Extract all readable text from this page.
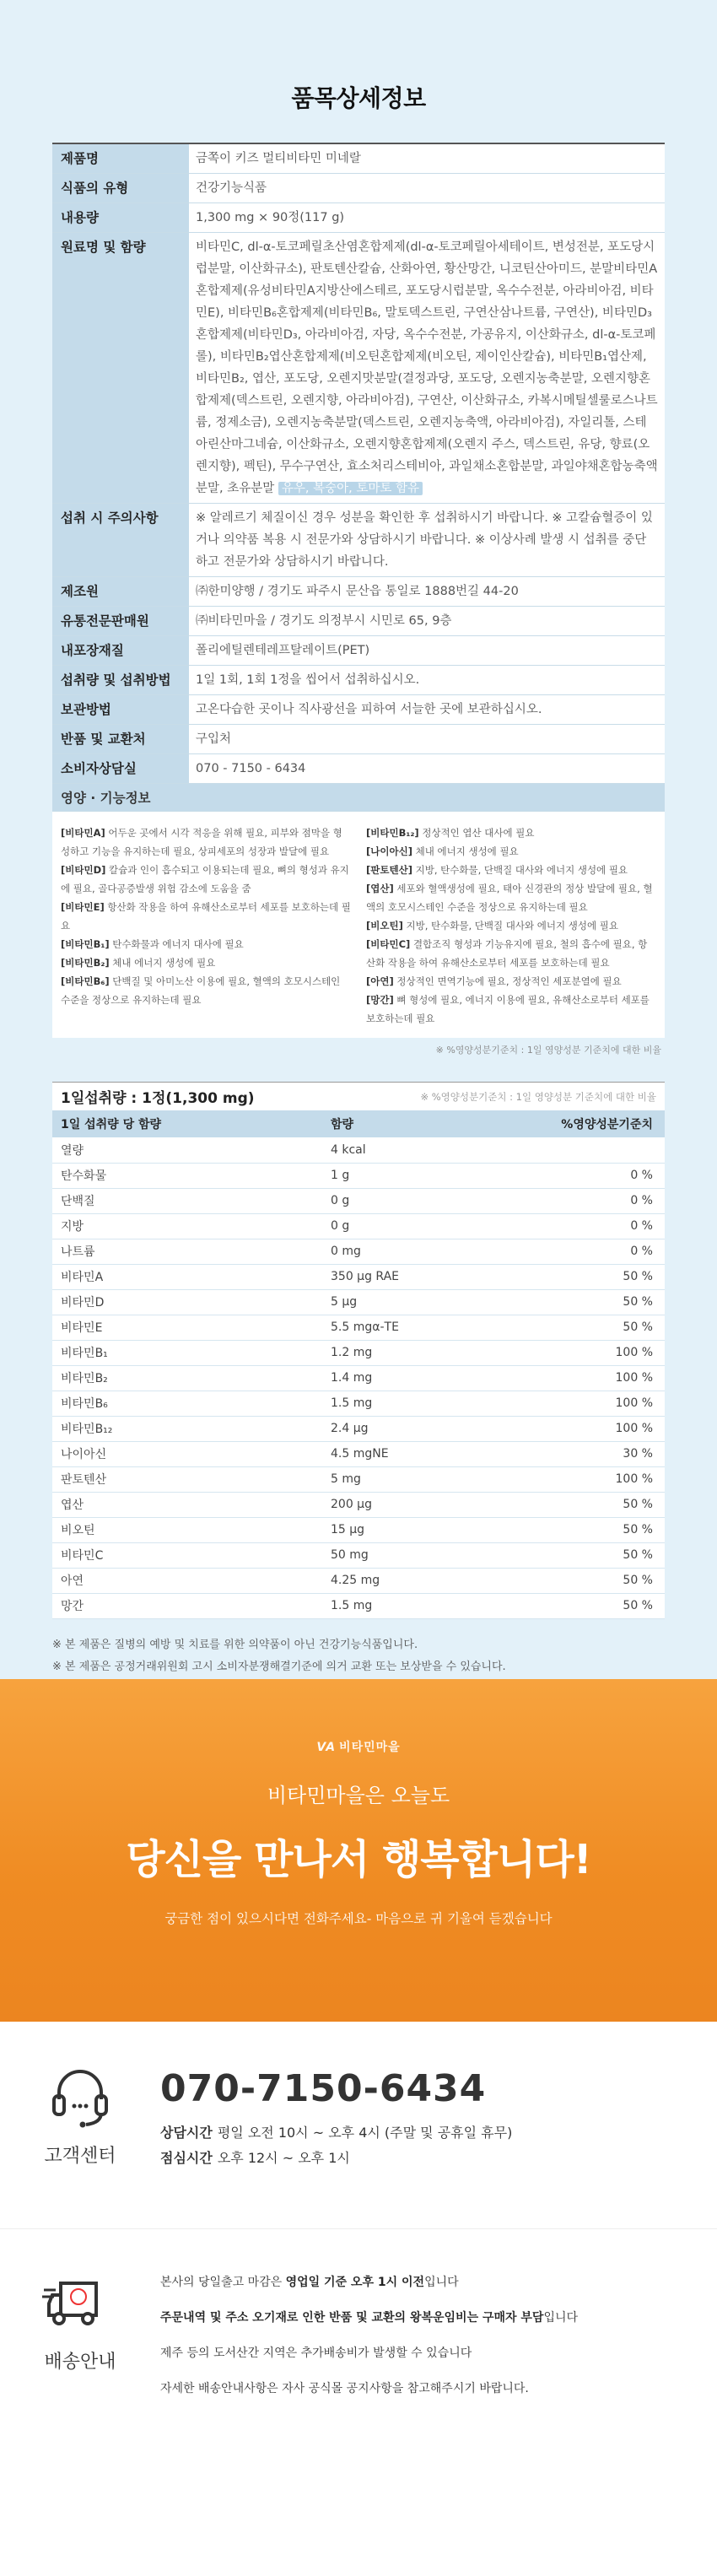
품목상세정보
제품명	금쪽이 키즈 멀티비타민 미네랄
식품의 유형	건강기능식품
내용량	1,300 mg × 90정(117 g)
원료명 및 함량	비타민C, dl-α-토코페릴초산염혼합제제(dl-α-토코페릴아세테이트, 변성전분, 포도당시럽분말, 이산화규소), 판토텐산칼슘, 산화아연, 황산망간, 니코틴산아미드, 분말비타민A혼합제제(유성비타민A지방산에스테르, 포도당시럽분말, 옥수수전분, 아라비아검, 비타민E), 비타민B₆혼합제제(비타민B₆, 말토덱스트린, 구연산삼나트륨, 구연산), 비타민D₃혼합제제(비타민D₃, 아라비아검, 자당, 옥수수전분, 가공유지, 이산화규소, dl-α-토코페롤), 비타민B₂엽산혼합제제(비오틴혼합제제(비오틴, 제이인산칼슘), 비타민B₁엽산제, 비타민B₂, 엽산, 포도당, 오렌지맛분말(결정과당, 포도당, 오렌지농축분말, 오렌지향혼합제제(덱스트린, 오렌지향, 아라비아검), 구연산, 이산화규소, 카복시메틸셀룰로스나트륨, 정제소금), 오렌지농축분말(덱스트린, 오렌지농축액, 아라비아검), 자일리톨, 스테아린산마그네슘, 이산화규소, 오렌지향혼합제제(오렌지 주스, 덱스트린, 유당, 향료(오렌지향), 펙틴), 무수구연산, 효소처리스테비아, 과일채소혼합분말, 과일야채혼합농축액분말, 초유분말 유우, 복숭아, 토마토 함유
섭취 시 주의사항	※ 알레르기 체질이신 경우 성분을 확인한 후 섭취하시기 바랍니다. ※ 고칼슘혈증이 있거나 의약품 복용 시 전문가와 상담하시기 바랍니다. ※ 이상사례 발생 시 섭취를 중단하고 전문가와 상담하시기 바랍니다.
제조원	㈜한미양행 / 경기도 파주시 문산읍 통일로 1888번길 44-20
유통전문판매원	㈜비타민마을 / 경기도 의정부시 시민로 65, 9층
내포장재질	폴리에틸렌테레프탈레이트(PET)
섭취량 및 섭취방법	1일 1회, 1회 1정을 씹어서 섭취하십시오.
보관방법	고온다습한 곳이나 직사광선을 피하여 서늘한 곳에 보관하십시오.
반품 및 교환처	구입처
소비자상담실	070 - 7150 - 6434
영양 · 기능정보

[비타민A] 어두운 곳에서 시각 적응을 위해 필요, 피부와 점막을 형성하고 기능을 유지하는데 필요, 상피세포의 성장과 발달에 필요

[비타민D] 칼슘과 인이 흡수되고 이용되는데 필요, 뼈의 형성과 유지에 필요, 골다공증발생 위험 감소에 도움을 줌

[비타민E] 항산화 작용을 하여 유해산소로부터 세포를 보호하는데 필요

[비타민B₁] 탄수화물과 에너지 대사에 필요

[비타민B₂] 체내 에너지 생성에 필요

[비타민B₆] 단백질 및 아미노산 이용에 필요, 혈액의 호모시스테인 수준을 정상으로 유지하는데 필요

[비타민B₁₂] 정상적인 엽산 대사에 필요

[나이아신] 체내 에너지 생성에 필요

[판토텐산] 지방, 탄수화물, 단백질 대사와 에너지 생성에 필요

[엽산] 세포와 혈액생성에 필요, 태아 신경관의 정상 발달에 필요, 혈액의 호모시스테인 수준을 정상으로 유지하는데 필요

[비오틴] 지방, 탄수화물, 단백질 대사와 에너지 생성에 필요

[비타민C] 결합조직 형성과 기능유지에 필요, 철의 흡수에 필요, 항산화 작용을 하여 유해산소로부터 세포를 보호하는데 필요

[아연] 정상적인 면역기능에 필요, 정상적인 세포분열에 필요

[망간] 뼈 형성에 필요, 에너지 이용에 필요, 유해산소로부터 세포를 보호하는데 필요

※ %영양성분기준치 : 1일 영양성분 기준치에 대한 비율
1일섭취량 : 1정(1,300 mg)	※ %영양성분기준치 : 1일 영양성분 기준치에 대한 비율
1일 섭취량 당 함량	함량	%영양성분기준치
열량	4 kcal	
탄수화물	1 g	0 %
단백질	0 g	0 %
지방	0 g	0 %
나트륨	0 mg	0 %
비타민A	350 μg RAE	50 %
비타민D	5 μg	50 %
비타민E	5.5 mgα-TE	50 %
비타민B₁	1.2 mg	100 %
비타민B₂	1.4 mg	100 %
비타민B₆	1.5 mg	100 %
비타민B₁₂	2.4 μg	100 %
나이아신	4.5 mgNE	30 %
판토텐산	5 mg	100 %
엽산	200 μg	50 %
비오틴	15 μg	50 %
비타민C	50 mg	50 %
아연	4.25 mg	50 %
망간	1.5 mg	50 %

※ 본 제품은 질병의 예방 및 치료를 위한 의약품이 아닌 건강기능식품입니다.

※ 본 제품은 공정거래위원회 고시 소비자분쟁해결기준에 의거 교환 또는 보상받을 수 있습니다.

VA 비타민마을
비타민마을은 오늘도
당신을 만나서 행복합니다!
궁금한 점이 있으시다면 전화주세요- 마음으로 귀 기울여 듣겠습니다
고객센터
070-7150-6434
상담시간 평일 오전 10시 ~ 오후 4시 (주말 및 공휴일 휴무)
점심시간 오후 12시 ~ 오후 1시
배송안내

본사의 당일출고 마감은 영업일 기준 오후 1시 이전입니다

주문내역 및 주소 오기재로 인한 반품 및 교환의 왕복운임비는 구매자 부담입니다

제주 등의 도서산간 지역은 추가배송비가 발생할 수 있습니다

자세한 배송안내사항은 자사 공식몰 공지사항을 참고해주시기 바랍니다.
